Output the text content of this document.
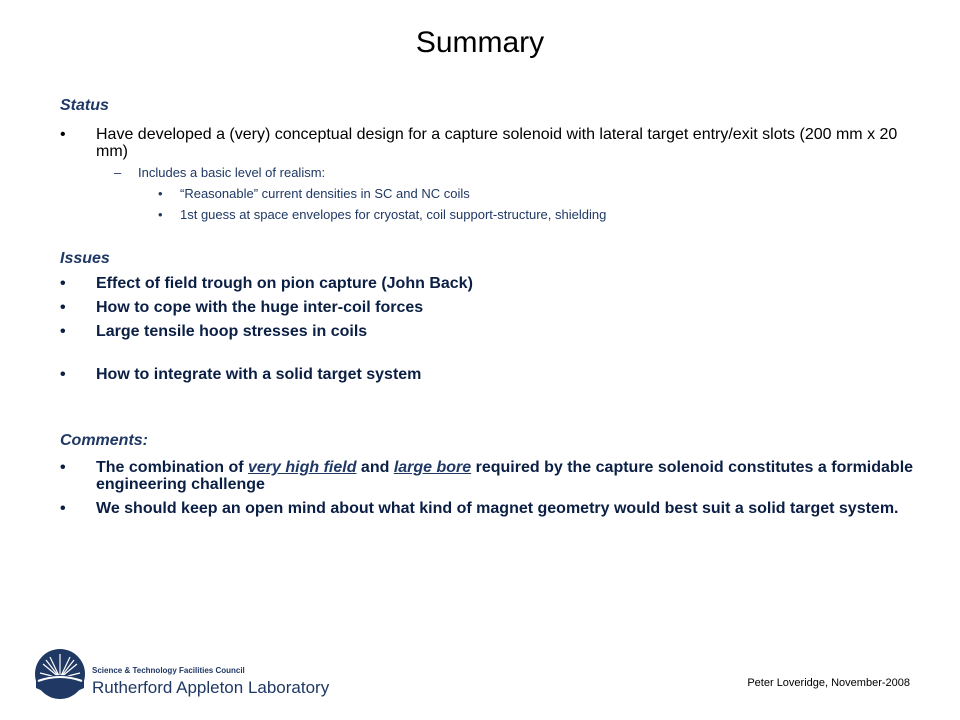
Summary
Status
•	Have developed a (very) conceptual design for a capture solenoid with lateral target entry/exit slots (200 mm x 20 mm)
– Includes a basic level of realism:
• “Reasonable” current densities in SC and NC coils
• 1st guess at space envelopes for cryostat, coil support-structure, shielding
Issues
•	Effect of field trough on pion capture (John Back)
•	How to cope with the huge inter-coil forces
•	Large tensile hoop stresses in coils
•	How to integrate with a solid target system
Comments:
•	The combination of very high field and large bore required by the capture solenoid constitutes a formidable engineering challenge
•	We should keep an open mind about what kind of magnet geometry would best suit a solid target system.
Science & Technology Facilities Council
Rutherford Appleton Laboratory	Peter Loveridge, November-2008
